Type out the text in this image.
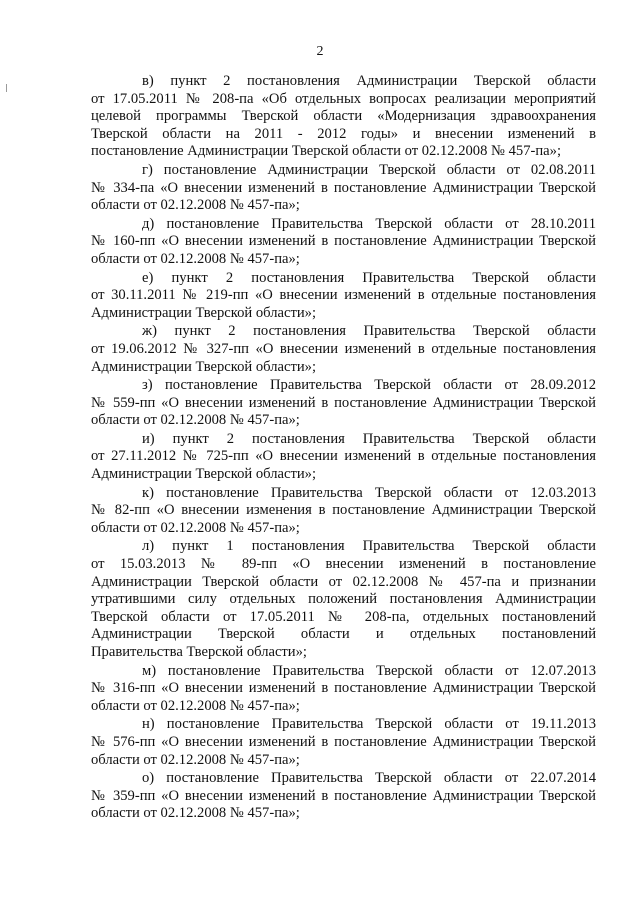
2
в) пункт 2 постановления Администрации Тверской области
от 17.05.2011 № 208-па «Об отдельных вопросах реализации мероприятий
целевой программы Тверской области «Модернизация здравоохранения
Тверской области на 2011 - 2012 годы» и внесении изменений в
постановление Администрации Тверской области от 02.12.2008 № 457-па»;
г) постановление Администрации Тверской области от 02.08.2011
№ 334-па «О внесении изменений в постановление Администрации Тверской
области от 02.12.2008 № 457-па»;
д) постановление Правительства Тверской области от 28.10.2011
№ 160-пп «О внесении изменений в постановление Администрации Тверской
области от 02.12.2008 № 457-па»;
е) пункт 2 постановления Правительства Тверской области
от 30.11.2011 № 219-пп «О внесении изменений в отдельные постановления
Администрации Тверской области»;
ж) пункт 2 постановления Правительства Тверской области
от 19.06.2012 № 327-пп «О внесении изменений в отдельные постановления
Администрации Тверской области»;
з) постановление Правительства Тверской области от 28.09.2012
№ 559-пп «О внесении изменений в постановление Администрации Тверской
области от 02.12.2008 № 457-па»;
и) пункт 2 постановления Правительства Тверской области
от 27.11.2012 № 725-пп «О внесении изменений в отдельные постановления
Администрации Тверской области»;
к) постановление Правительства Тверской области от 12.03.2013
№ 82-пп «О внесении изменения в постановление Администрации Тверской
области от 02.12.2008 № 457-па»;
л) пункт 1 постановления Правительства Тверской области
от 15.03.2013 № 89-пп «О внесении изменений в постановление
Администрации Тверской области от 02.12.2008 № 457-па и признании
утратившими силу отдельных положений постановления Администрации
Тверской области от 17.05.2011 № 208-па, отдельных постановлений
Администрации Тверской области и отдельных постановлений
Правительства Тверской области»;
м) постановление Правительства Тверской области от 12.07.2013
№ 316-пп «О внесении изменений в постановление Администрации Тверской
области от 02.12.2008 № 457-па»;
н) постановление Правительства Тверской области от 19.11.2013
№ 576-пп «О внесении изменений в постановление Администрации Тверской
области от 02.12.2008 № 457-па»;
о) постановление Правительства Тверской области от 22.07.2014
№ 359-пп «О внесении изменений в постановление Администрации Тверской
области от 02.12.2008 № 457-па»;
